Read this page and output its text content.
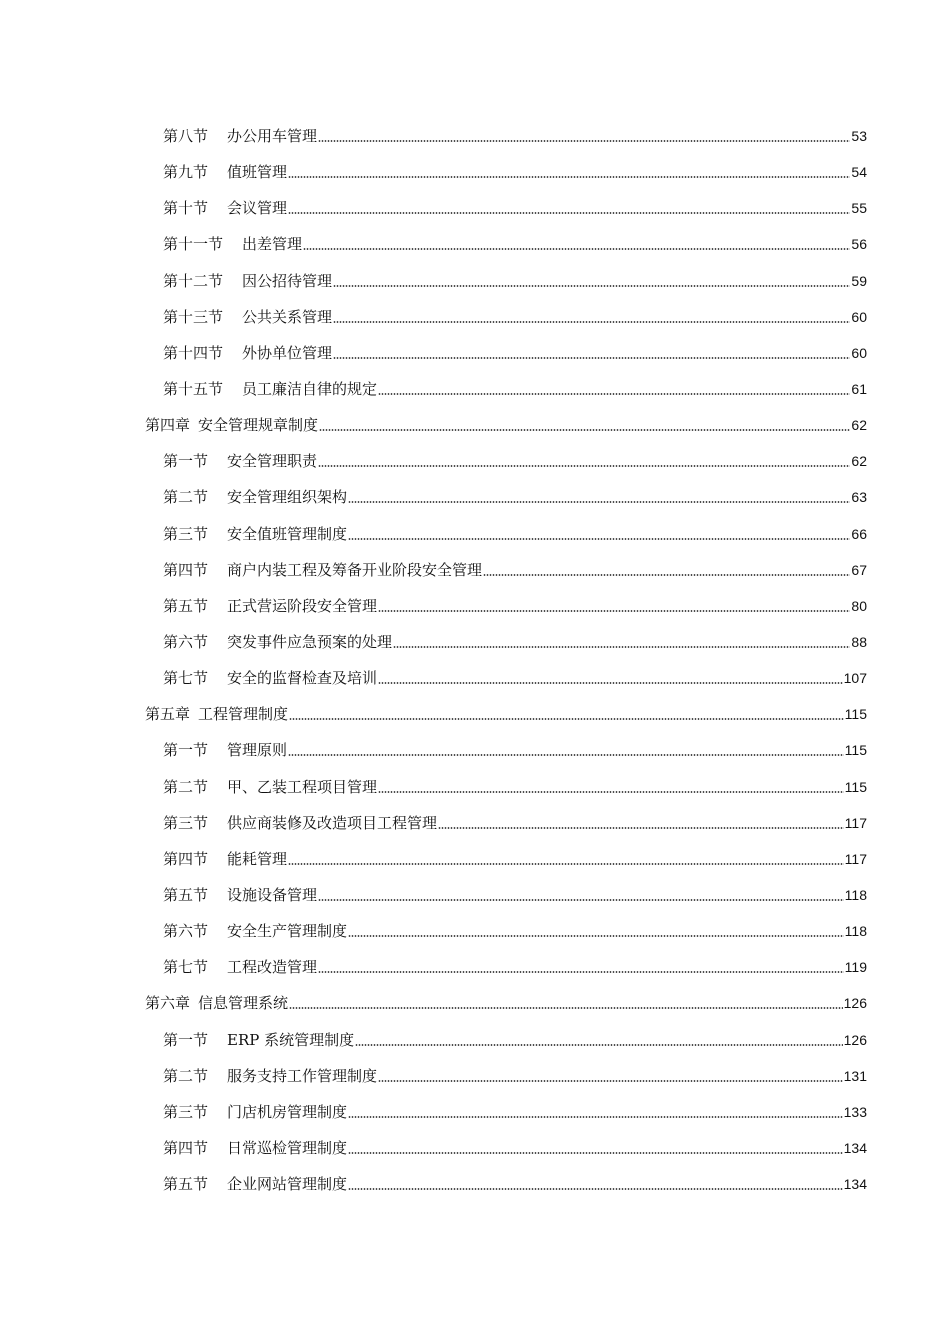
第八节 办公用车管理	53
第九节 值班管理	54
第十节 会议管理	55
第十一节 出差管理	56
第十二节 因公招待管理	59
第十三节 公共关系管理	60
第十四节 外协单位管理	60
第十五节 员工廉洁自律的规定	61
第四章 安全管理规章制度	62
第一节 安全管理职责	62
第二节 安全管理组织架构	63
第三节 安全值班管理制度	66
第四节 商户内装工程及筹备开业阶段安全管理	67
第五节 正式营运阶段安全管理	80
第六节 突发事件应急预案的处理	88
第七节 安全的监督检查及培训	107
第五章 工程管理制度	115
第一节 管理原则	115
第二节 甲、乙装工程项目管理	115
第三节 供应商装修及改造项目工程管理	117
第四节 能耗管理	117
第五节 设施设备管理	118
第六节 安全生产管理制度	118
第七节 工程改造管理	119
第六章 信息管理系统	126
第一节 ERP 系统管理制度	126
第二节 服务支持工作管理制度	131
第三节 门店机房管理制度	133
第四节 日常巡检管理制度	134
第五节 企业网站管理制度	134
